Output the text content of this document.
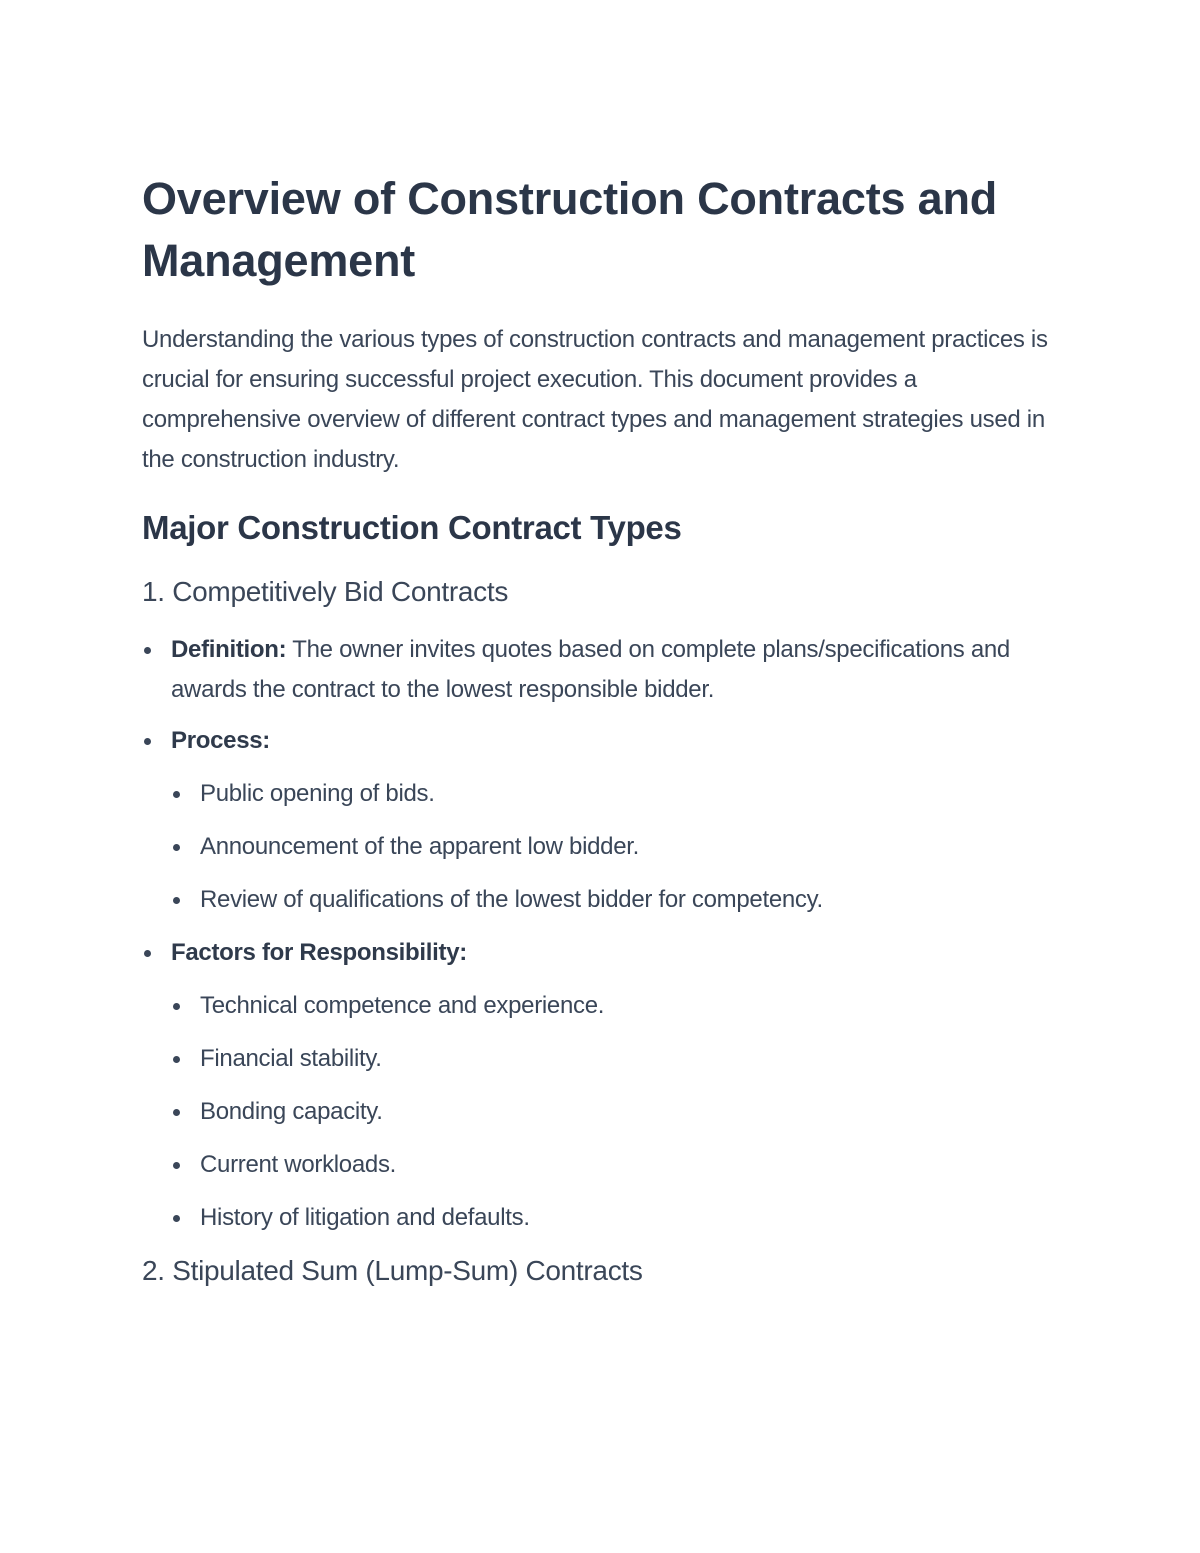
Overview of Construction Contracts and Management

Understanding the various types of construction contracts and management practices is crucial for ensuring successful project execution. This document provides a comprehensive overview of different contract types and management strategies used in the construction industry.

Major Construction Contract Types
1. Competitively Bid Contracts
Definition: The owner invites quotes based on complete plans/specifications and awards the contract to the lowest responsible bidder.
Process:
Public opening of bids.
Announcement of the apparent low bidder.
Review of qualifications of the lowest bidder for competency.
Factors for Responsibility:
Technical competence and experience.
Financial stability.
Bonding capacity.
Current workloads.
History of litigation and defaults.
2. Stipulated Sum (Lump-Sum) Contracts
